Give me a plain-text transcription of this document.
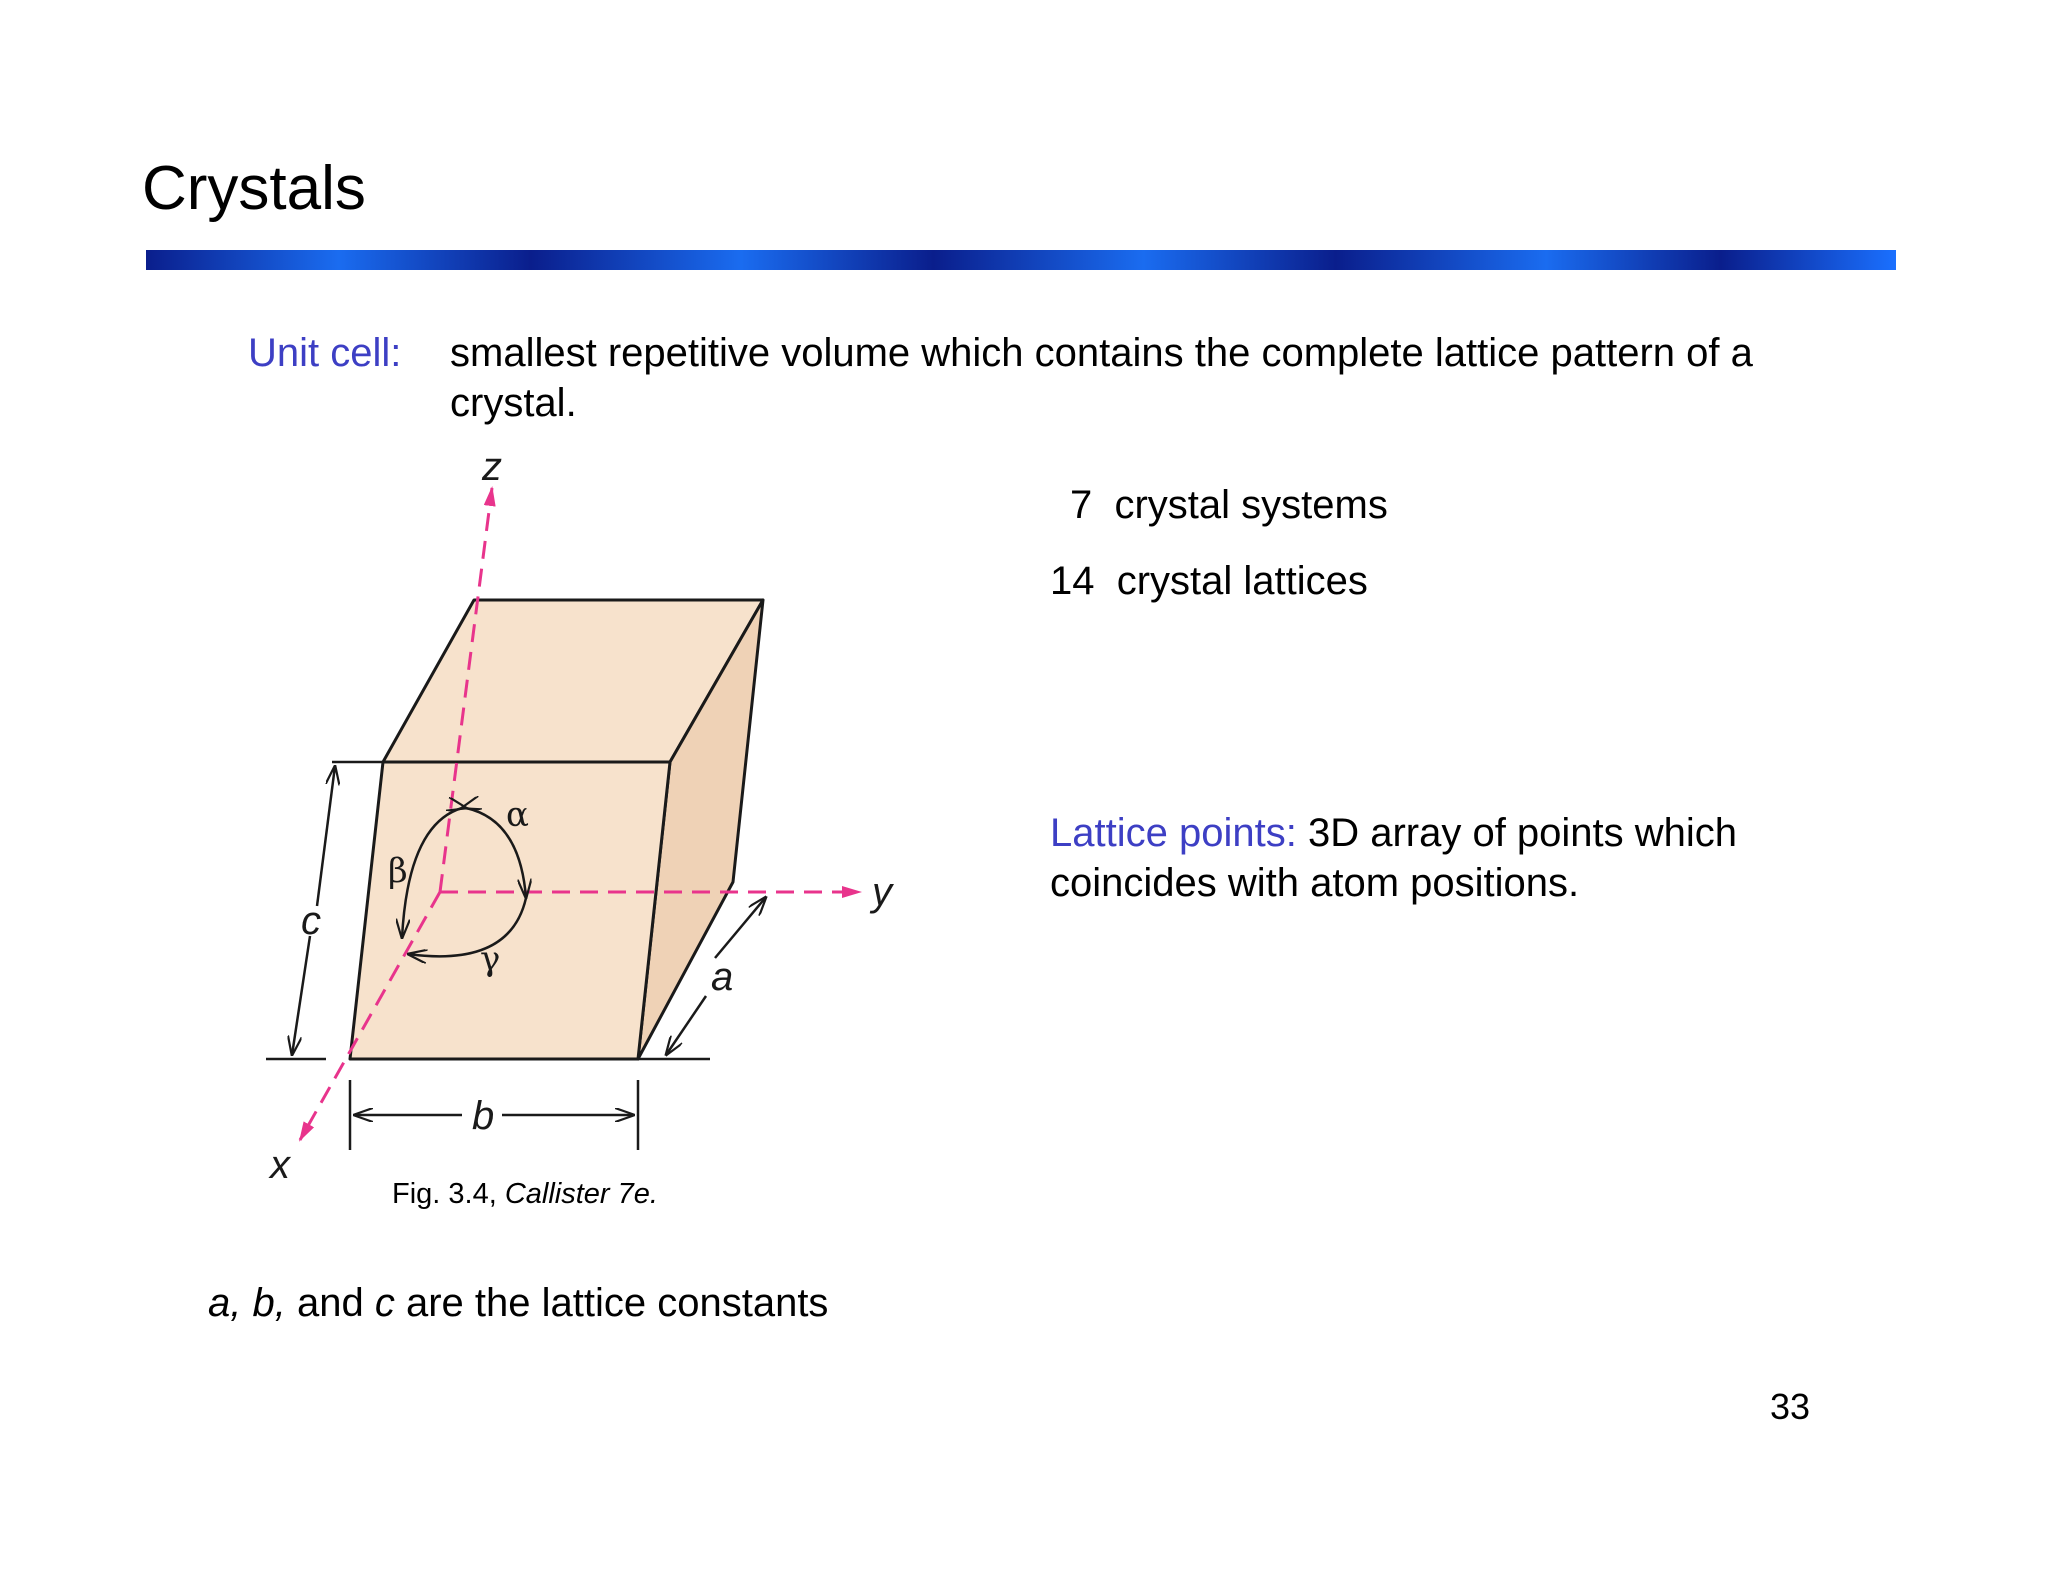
Crystals
Unit cell: smallest repetitive volume which contains the complete lattice pattern of a crystal.
7 crystal systems
14 crystal lattices
Lattice points: 3D array of points which coincides with atom positions.
α
β
γ
c
b
a
z
y
x
Fig. 3.4, Callister 7e.
a, b, and c are the lattice constants
33
